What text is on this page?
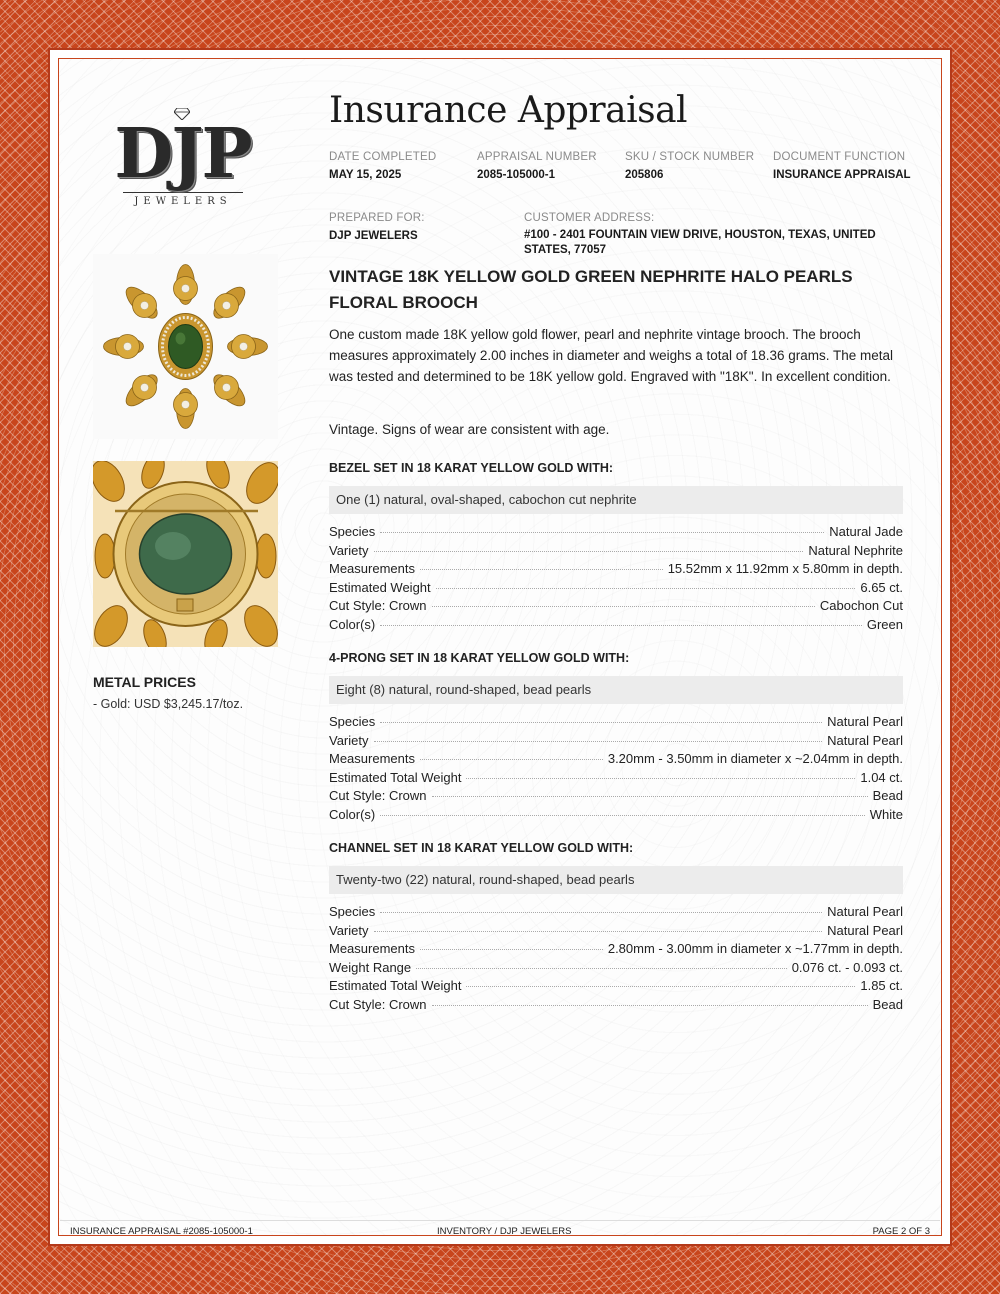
DJP
JEWELERS
Insurance Appraisal
DATE COMPLETED
MAY 15, 2025
APPRAISAL NUMBER
2085-105000-1
SKU / STOCK NUMBER
205806
DOCUMENT FUNCTION
INSURANCE APPRAISAL
PREPARED FOR:
DJP JEWELERS
CUSTOMER ADDRESS:
#100 - 2401 FOUNTAIN VIEW DRIVE, HOUSTON, TEXAS, UNITED STATES, 77057
VINTAGE 18K YELLOW GOLD GREEN NEPHRITE HALO PEARLS FLORAL BROOCH
One custom made 18K yellow gold flower, pearl and nephrite vintage brooch. The brooch measures approximately 2.00 inches in diameter and weighs a total of 18.36 grams. The metal was tested and determined to be 18K yellow gold. Engraved with "18K". In excellent condition.
Vintage. Signs of wear are consistent with age.
BEZEL SET IN 18 KARAT YELLOW GOLD WITH:
One (1) natural, oval-shaped, cabochon cut nephrite
Species	Natural Jade
Variety	Natural Nephrite
Measurements	15.52mm x 11.92mm x 5.80mm in depth.
Estimated Weight	6.65 ct.
Cut Style: Crown	Cabochon Cut
Color(s)	Green
4-PRONG SET IN 18 KARAT YELLOW GOLD WITH:
Eight (8) natural, round-shaped, bead pearls
Species	Natural Pearl
Variety	Natural Pearl
Measurements	3.20mm - 3.50mm in diameter x ~2.04mm in depth.
Estimated Total Weight	1.04 ct.
Cut Style: Crown	Bead
Color(s)	White
CHANNEL SET IN 18 KARAT YELLOW GOLD WITH:
Twenty-two (22) natural, round-shaped, bead pearls
Species	Natural Pearl
Variety	Natural Pearl
Measurements	2.80mm - 3.00mm in diameter x ~1.77mm in depth.
Weight Range	0.076 ct. - 0.093 ct.
Estimated Total Weight	1.85 ct.
Cut Style: Crown	Bead
METAL PRICES
- Gold: USD $3,245.17/toz.
INSURANCE APPRAISAL #2085-105000-1	INVENTORY / DJP JEWELERS	PAGE 2 OF 3
